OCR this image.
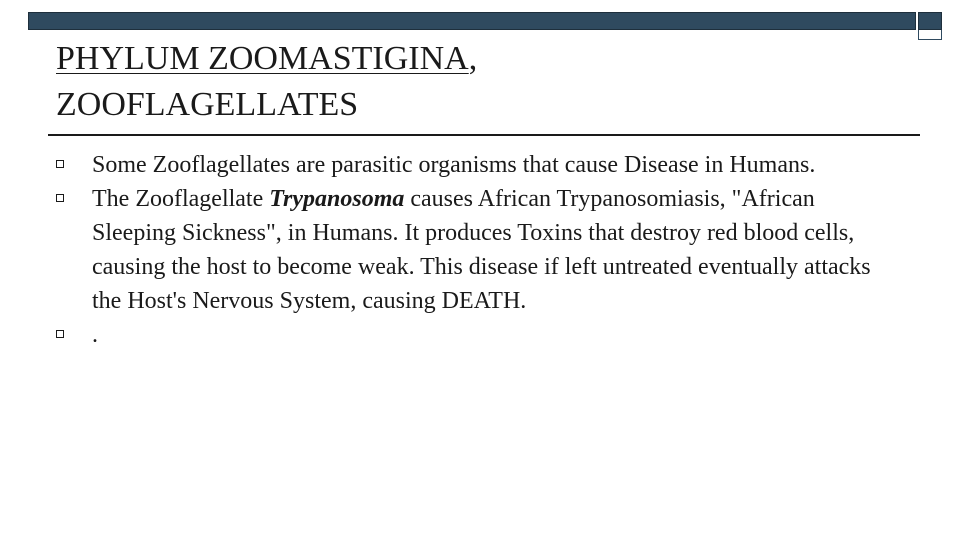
PHYLUM ZOOMASTIGINA,
ZOOFLAGELLATES
Some Zooflagellates are parasitic organisms that cause Disease in Humans.
The Zooflagellate Trypanosoma causes African Trypanosomiasis, "African Sleeping Sickness", in Humans. It produces Toxins that destroy red blood cells, causing the host to become weak. This disease if left untreated eventually attacks the Host's Nervous System, causing DEATH.
.
